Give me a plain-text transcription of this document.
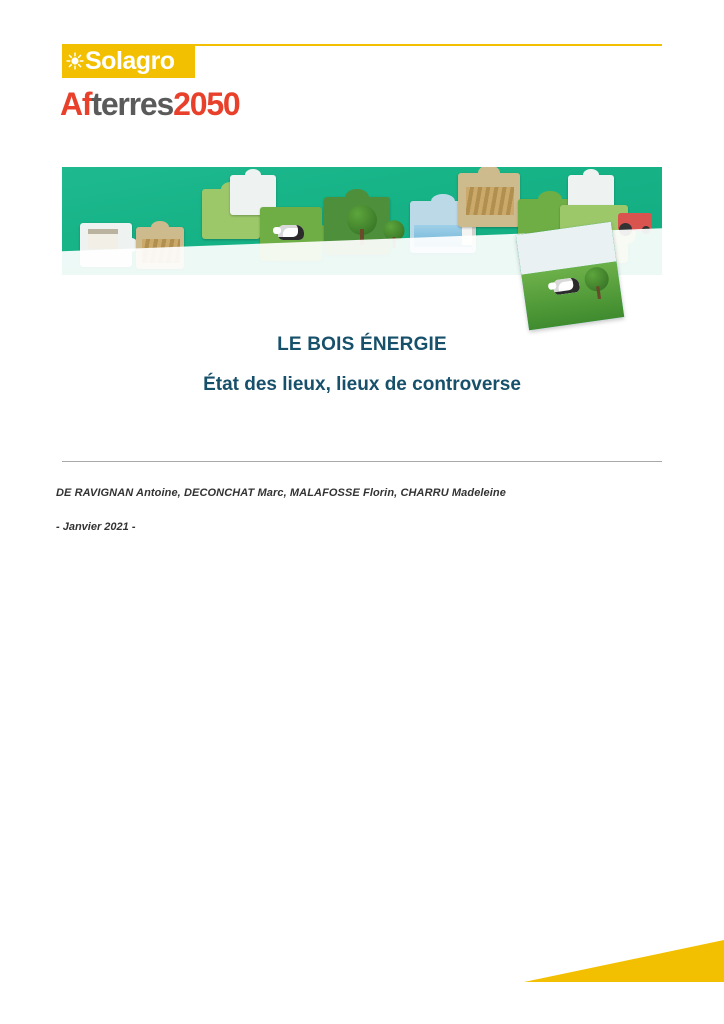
Solagro
Afterres2050
LE BOIS ÉNERGIE
État des lieux, lieux de controverse
DE RAVIGNAN Antoine, DECONCHAT Marc, MALAFOSSE Florin, CHARRU Madeleine
- Janvier 2021 -
